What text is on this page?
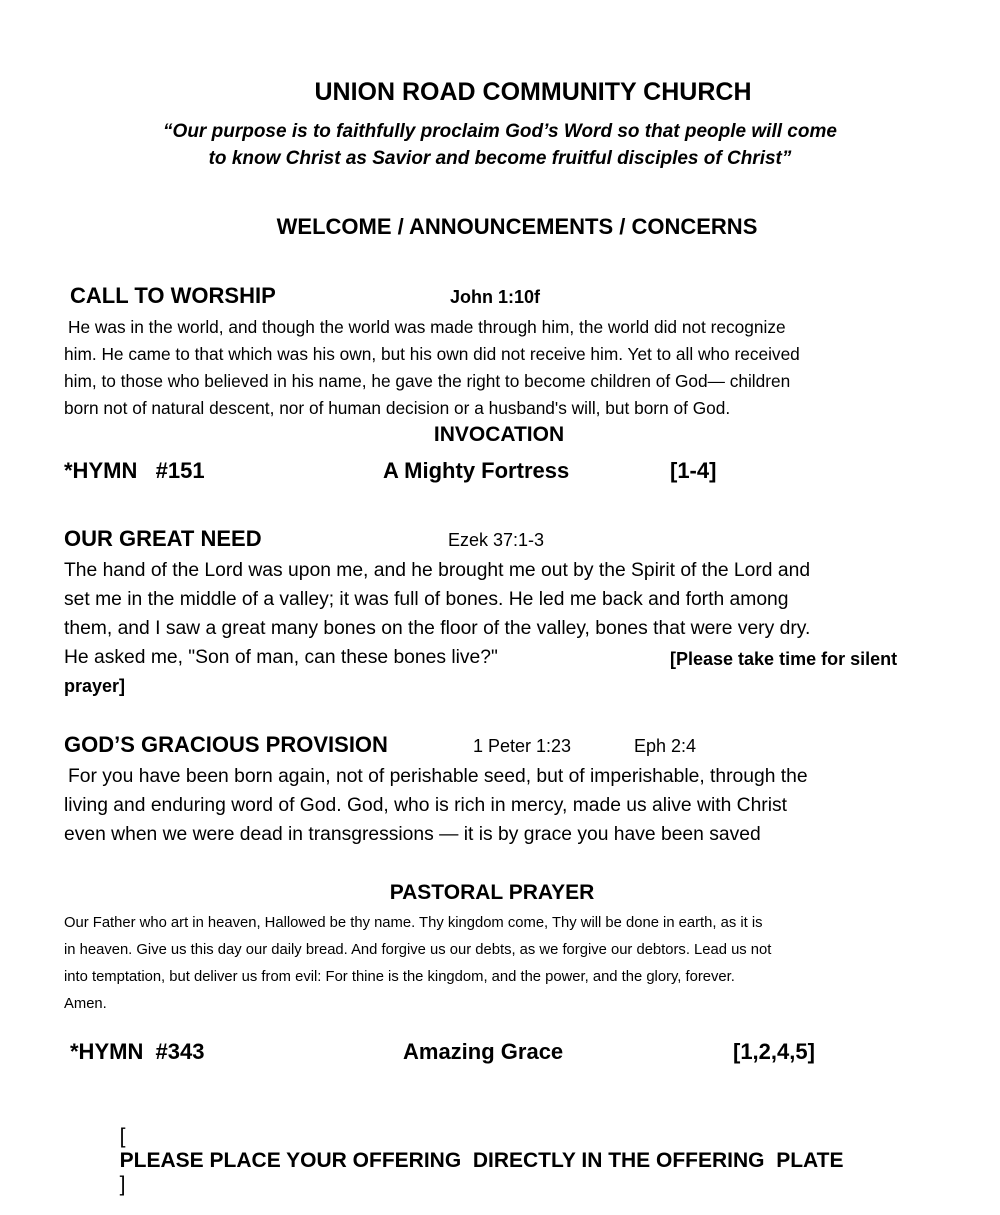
UNION ROAD COMMUNITY CHURCH
“Our purpose is to faithfully proclaim God’s Word so that people will come
to know Christ as Savior and become fruitful disciples of Christ”
WELCOME / ANNOUNCEMENTS / CONCERNS
CALL TO WORSHIP	John 1:10f
He was in the world, and though the world was made through him, the world did not recognize
him. He came to that which was his own, but his own did not receive him. Yet to all who received
him, to those who believed in his name, he gave the right to become children of God— children
born not of natural descent, nor of human decision or a husband's will, but born of God.
INVOCATION
*HYMN   #151	A Mighty Fortress	[1-4]
OUR GREAT NEED	Ezek 37:1-3
The hand of the Lord was upon me, and he brought me out by the Spirit of the Lord and
set me in the middle of a valley; it was full of bones. He led me back and forth among
them, and I saw a great many bones on the floor of the valley, bones that were very dry.
He asked me, "Son of man, can these bones live?"	[Please take time for silent
prayer]
GOD’S GRACIOUS PROVISION	1 Peter 1:23	Eph 2:4
For you have been born again, not of perishable seed, but of imperishable, through the
living and enduring word of God. God, who is rich in mercy, made us alive with Christ
even when we were dead in transgressions — it is by grace you have been saved
PASTORAL PRAYER
Our Father who art in heaven, Hallowed be thy name. Thy kingdom come, Thy will be done in earth, as it is
in heaven. Give us this day our daily bread. And forgive us our debts, as we forgive our debtors. Lead us not
into temptation, but deliver us from evil: For thine is the kingdom, and the power, and the glory, forever.
Amen.
*HYMN  #343	Amazing Grace	[1,2,4,5]

[
PLEASE PLACE YOUR OFFERING  DIRECTLY IN THE OFFERING  PLATE
]
